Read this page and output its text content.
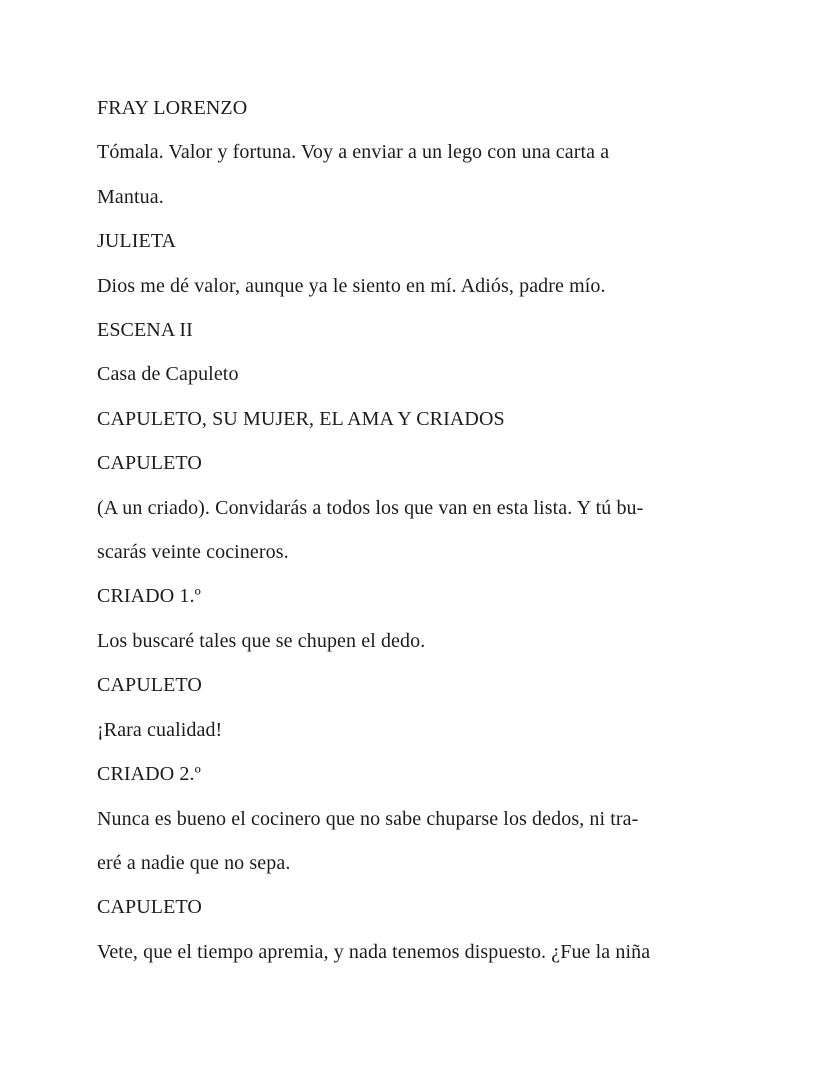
FRAY LORENZO
Tómala. Valor y fortuna. Voy a enviar a un lego con una carta a
Mantua.
JULIETA
Dios me dé valor, aunque ya le siento en mí. Adiós, padre mío.
ESCENA II
Casa de Capuleto
CAPULETO, SU MUJER, EL AMA Y CRIADOS
CAPULETO
(A un criado). Convidarás a todos los que van en esta lista. Y tú bu-
scarás veinte cocineros.
CRIADO 1.º
Los buscaré tales que se chupen el dedo.
CAPULETO
¡Rara cualidad!
CRIADO 2.º
Nunca es bueno el cocinero que no sabe chuparse los dedos, ni tra-
eré a nadie que no sepa.
CAPULETO
Vete, que el tiempo apremia, y nada tenemos dispuesto. ¿Fue la niña
